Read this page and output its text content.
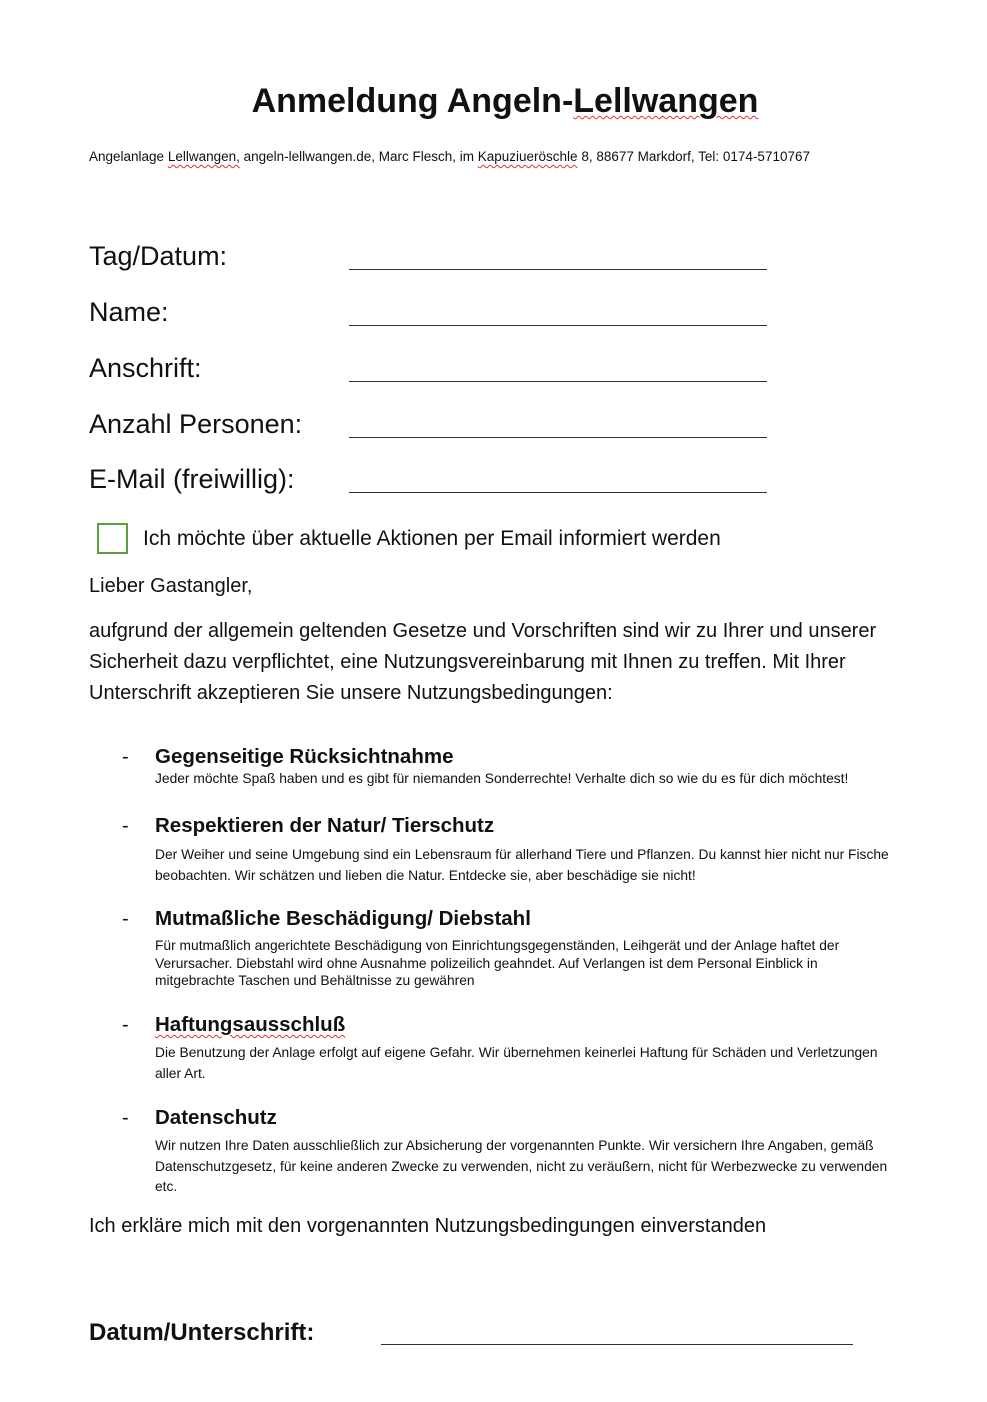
Anmeldung Angeln-Lellwangen
Angelanlage Lellwangen, angeln-lellwangen.de, Marc Flesch, im Kapuziueröschle 8, 88677 Markdorf, Tel: 0174-5710767
Tag/Datum:
Name:
Anschrift:
Anzahl Personen:
E-Mail (freiwillig):
Ich möchte über aktuelle Aktionen per Email informiert werden
Lieber Gastangler,
aufgrund der allgemein geltenden Gesetze und Vorschriften sind wir zu Ihrer und unserer
Sicherheit dazu verpflichtet, eine Nutzungsvereinbarung mit Ihnen zu treffen. Mit Ihrer
Unterschrift akzeptieren Sie unsere Nutzungsbedingungen:
- Gegenseitige Rücksichtnahme
Jeder möchte Spaß haben und es gibt für niemanden Sonderrechte! Verhalte dich so wie du es für dich möchtest!
- Respektieren der Natur/ Tierschutz
Der Weiher und seine Umgebung sind ein Lebensraum für allerhand Tiere und Pflanzen. Du kannst hier nicht nur Fische
beobachten. Wir schätzen und lieben die Natur. Entdecke sie, aber beschädige sie nicht!
- Mutmaßliche Beschädigung/ Diebstahl
Für mutmaßlich angerichtete Beschädigung von Einrichtungsgegenständen, Leihgerät und der Anlage haftet der
Verursacher. Diebstahl wird ohne Ausnahme polizeilich geahndet. Auf Verlangen ist dem Personal Einblick in
mitgebrachte Taschen und Behältnisse zu gewähren
- Haftungsausschluß
Die Benutzung der Anlage erfolgt auf eigene Gefahr. Wir übernehmen keinerlei Haftung für Schäden und Verletzungen
aller Art.
- Datenschutz
Wir nutzen Ihre Daten ausschließlich zur Absicherung der vorgenannten Punkte. Wir versichern Ihre Angaben, gemäß
Datenschutzgesetz, für keine anderen Zwecke zu verwenden, nicht zu veräußern, nicht für Werbezwecke zu verwenden
etc.
Ich erkläre mich mit den vorgenannten Nutzungsbedingungen einverstanden
Datum/Unterschrift:
